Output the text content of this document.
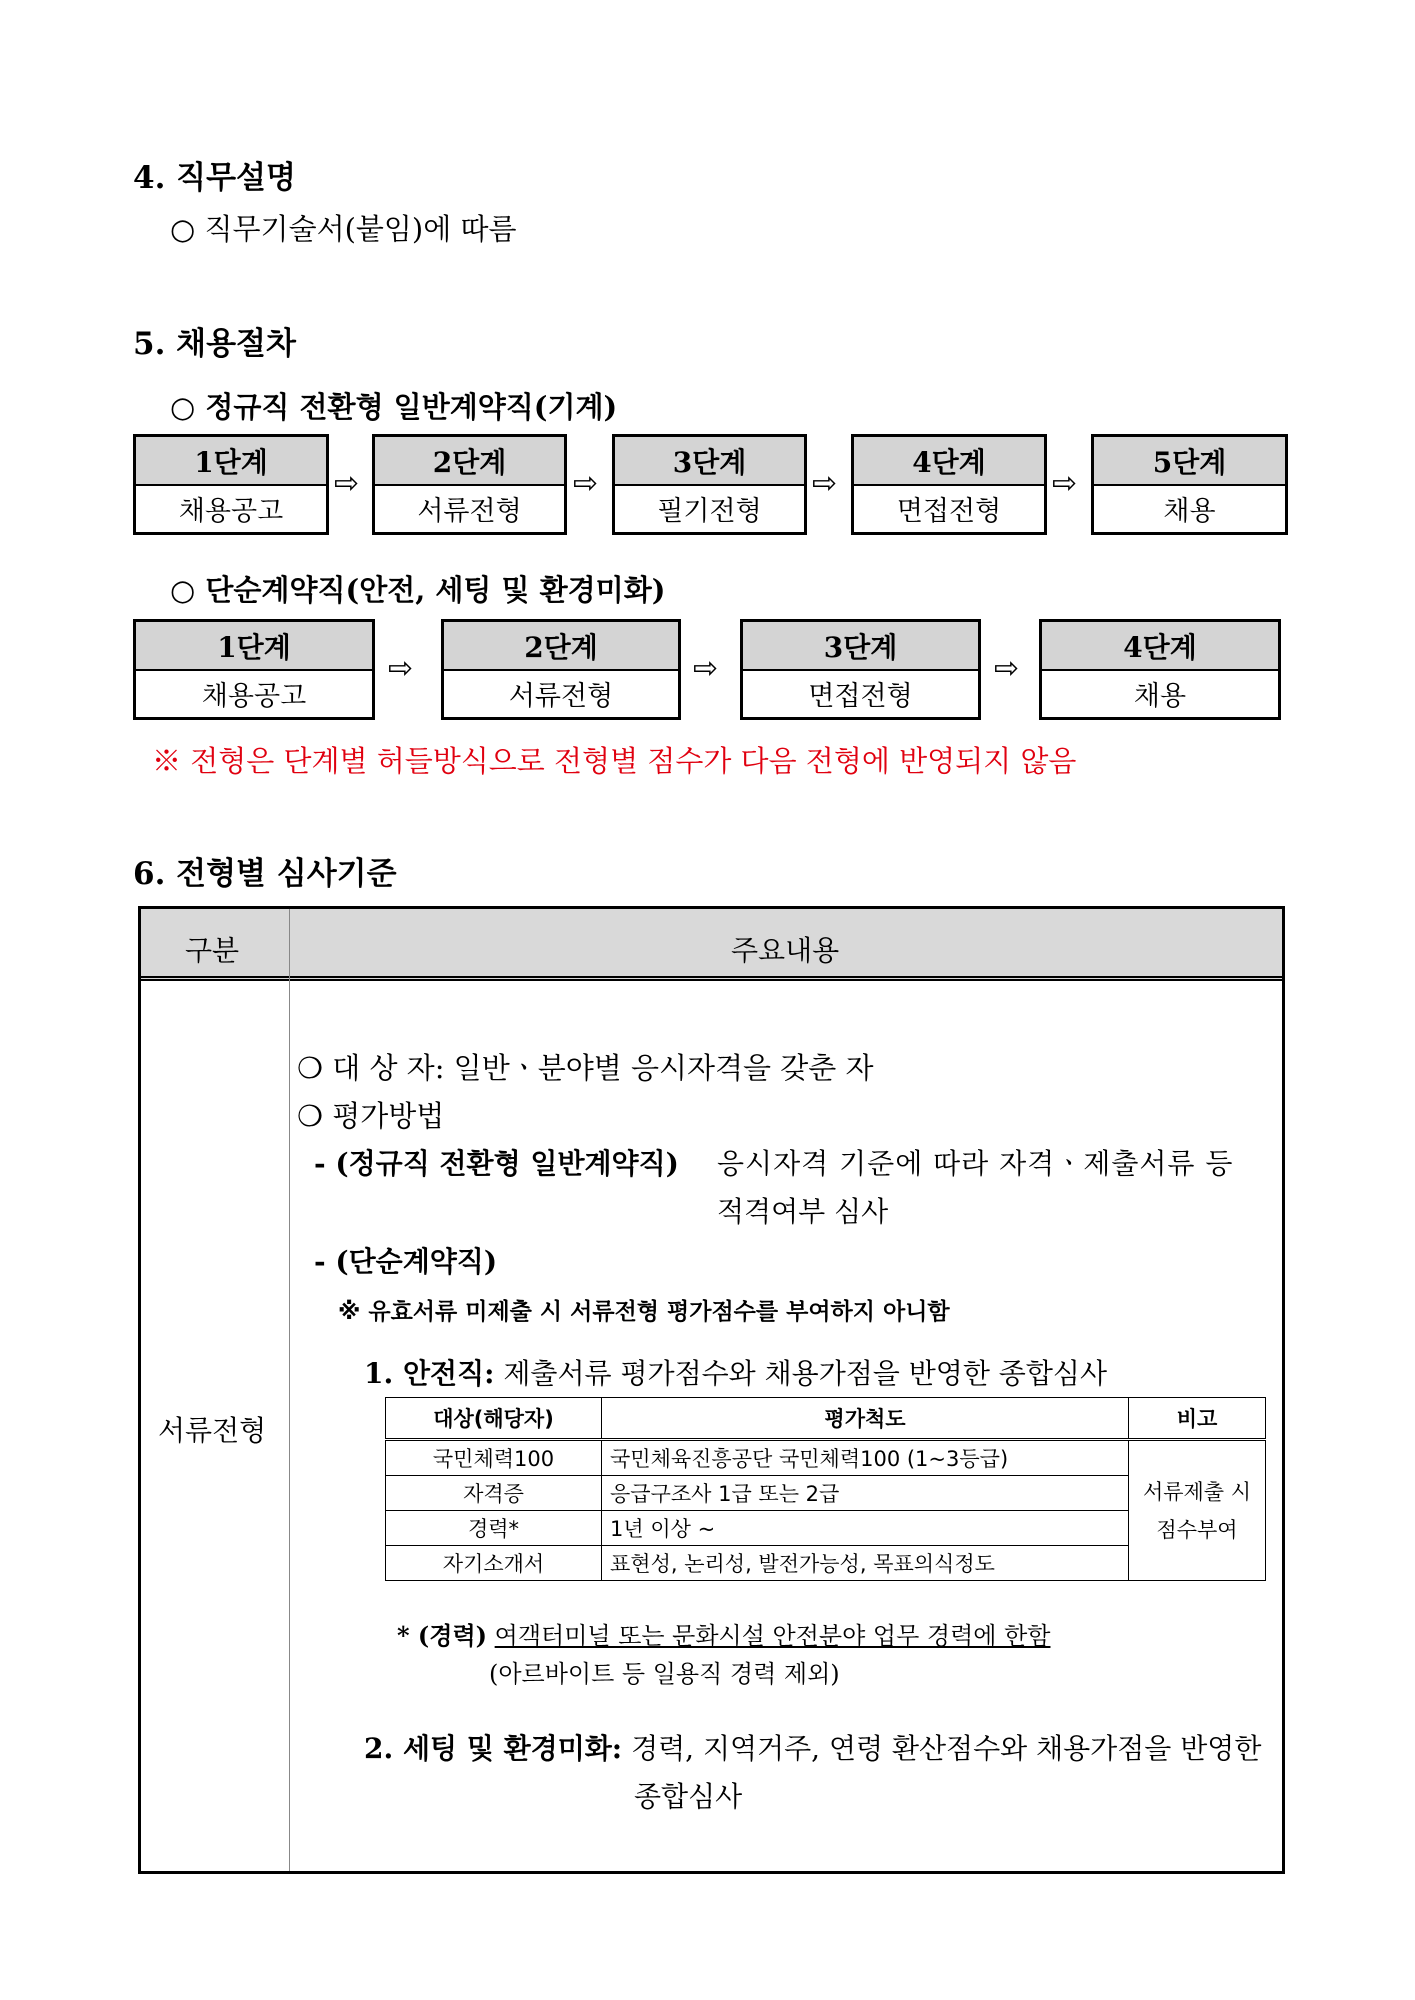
4. 직무설명
○ 직무기술서(붙임)에 따름
5. 채용절차
○ 정규직 전환형 일반계약직(기계)
1단계
채용공고
⇨
2단계
서류전형
⇨
3단계
필기전형
⇨
4단계
면접전형
⇨
5단계
채용
○ 단순계약직(안전, 세팅 및 환경미화)
1단계
채용공고
⇨
2단계
서류전형
⇨
3단계
면접전형
⇨
4단계
채용
※ 전형은 단계별 허들방식으로 전형별 점수가 다음 전형에 반영되지 않음
6. 전형별 심사기준
구분	주요내용
서류전형
❍ 대 상 자: 일반ㆍ분야별 응시자격을 갖춘 자
❍ 평가방법
- (정규직 전환형 일반계약직) 응시자격 기준에 따라 자격ㆍ제출서류 등
적격여부 심사
- (단순계약직)
※ 유효서류 미제출 시 서류전형 평가점수를 부여하지 아니함
1. 안전직: 제출서류 평가점수와 채용가점을 반영한 종합심사
대상(해당자)	평가척도	비고
국민체력100	국민체육진흥공단 국민체력100 (1~3등급)	서류제출 시
점수부여
자격증	응급구조사 1급 또는 2급	
경력*	1년 이상 ~	
자기소개서	표현성, 논리성, 발전가능성, 목표의식정도	
* (경력) 여객터미널 또는 문화시설 안전분야 업무 경력에 한함
(아르바이트 등 일용직 경력 제외)
2. 세팅 및 환경미화: 경력, 지역거주, 연령 환산점수와 채용가점을 반영한
종합심사
